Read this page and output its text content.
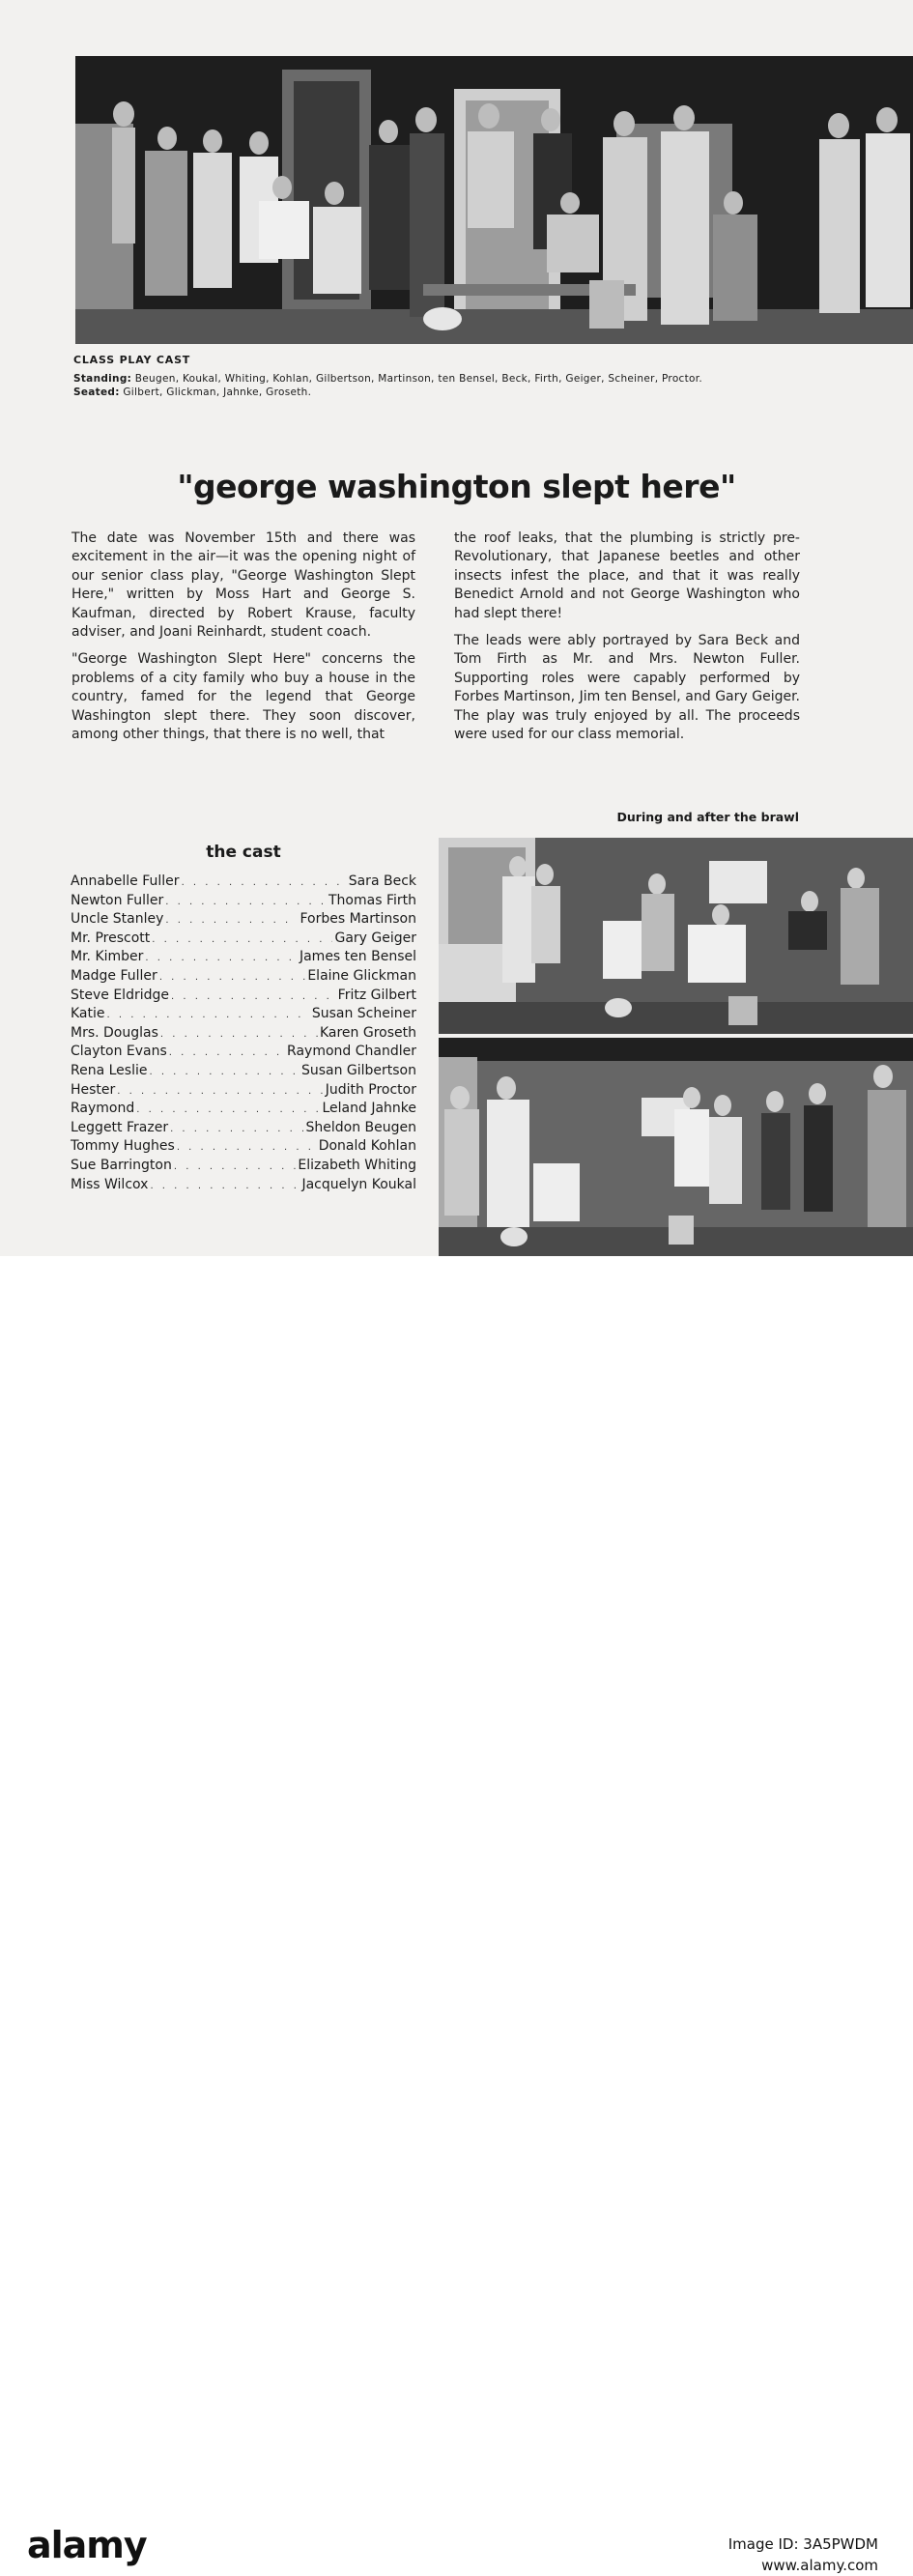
CLASS PLAY CAST
Standing: Beugen, Koukal, Whiting, Kohlan, Gilbertson, Martinson, ten Bensel, Beck, Firth, Geiger, Scheiner, Proctor.
Seated: Gilbert, Glickman, Jahnke, Groseth.
"george washington slept here"

The date was November 15th and there was excitement in the air—it was the opening night of our senior class play, "George Washington Slept Here," written by Moss Hart and George S. Kaufman, directed by Robert Krause, faculty adviser, and Joani Reinhardt, student coach.

"George Washington Slept Here" concerns the problems of a city family who buy a house in the country, famed for the legend that George Washington slept there. They soon discover, among other things, that there is no well, that

the roof leaks, that the plumbing is strictly pre-Revolutionary, that Japanese beetles and other insects infest the place, and that it was really Benedict Arnold and not George Washington who had slept there!

The leads were ably portrayed by Sara Beck and Tom Firth as Mr. and Mrs. Newton Fuller. Supporting roles were capably performed by Forbes Martinson, Jim ten Bensel, and Gary Geiger. The play was truly enjoyed by all. The proceeds were used for our class memorial.

During and after the brawl
the cast
Annabelle Fuller . . .	Sara Beck
Newton Fuller . . .	Thomas Firth
Uncle Stanley . . .	Forbes Martinson
Mr. Prescott . . .	Gary Geiger
Mr. Kimber . . .	James ten Bensel
Madge Fuller . . .	Elaine Glickman
Steve Eldridge . . .	Fritz Gilbert
Katie . . .	Susan Scheiner
Mrs. Douglas . . .	Karen Groseth
Clayton Evans . . .	Raymond Chandler
Rena Leslie . . .	Susan Gilbertson
Hester . . .	Judith Proctor
Raymond . . .	Leland Jahnke
Leggett Frazer . . .	Sheldon Beugen
Tommy Hughes . . .	Donald Kohlan
Sue Barrington . . .	Elizabeth Whiting
Miss Wilcox . . .	Jacquelyn Koukal
alamy	Image ID: 3A5PWDM
www.alamy.com
